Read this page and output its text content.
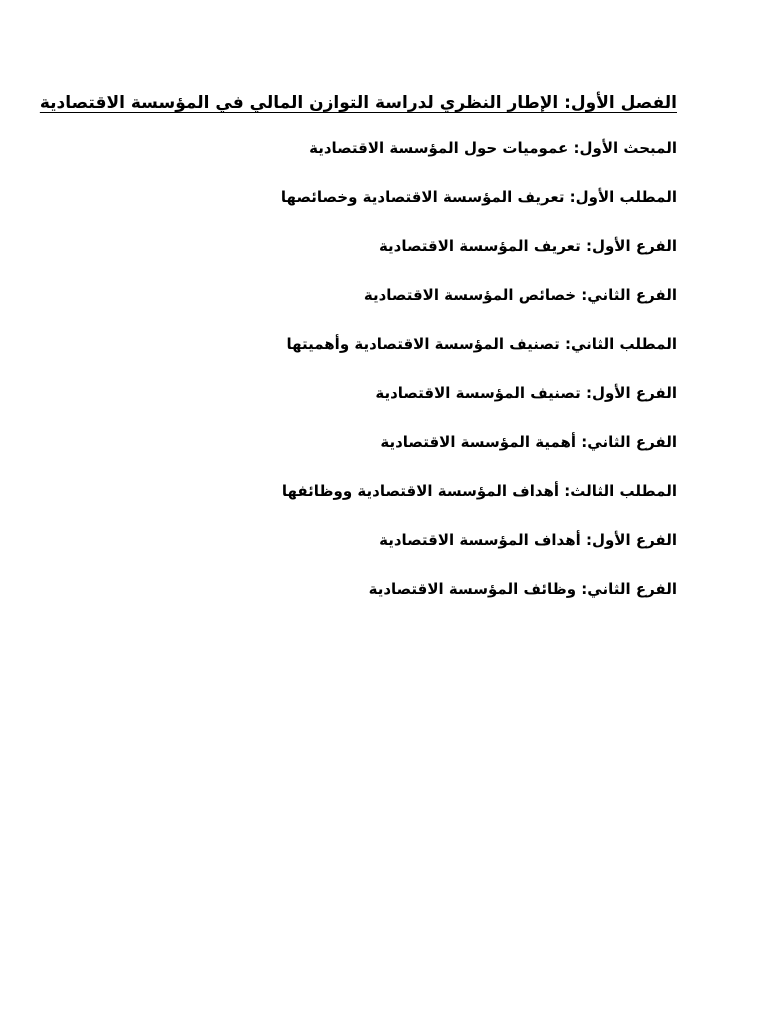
الفصل الأول: الإطار النظري لدراسة التوازن المالي في المؤسسة الاقتصادية
المبحث الأول: عموميات حول المؤسسة الاقتصادية
المطلب الأول: تعريف المؤسسة الاقتصادية وخصائصها
الفرع الأول: تعريف المؤسسة الاقتصادية
الفرع الثاني: خصائص المؤسسة الاقتصادية
المطلب الثاني: تصنيف المؤسسة الاقتصادية وأهميتها
الفرع الأول: تصنيف المؤسسة الاقتصادية
الفرع الثاني: أهمية المؤسسة الاقتصادية
المطلب الثالث: أهداف المؤسسة الاقتصادية ووظائفها
الفرع الأول: أهداف المؤسسة الاقتصادية
الفرع الثاني: وظائف المؤسسة الاقتصادية
